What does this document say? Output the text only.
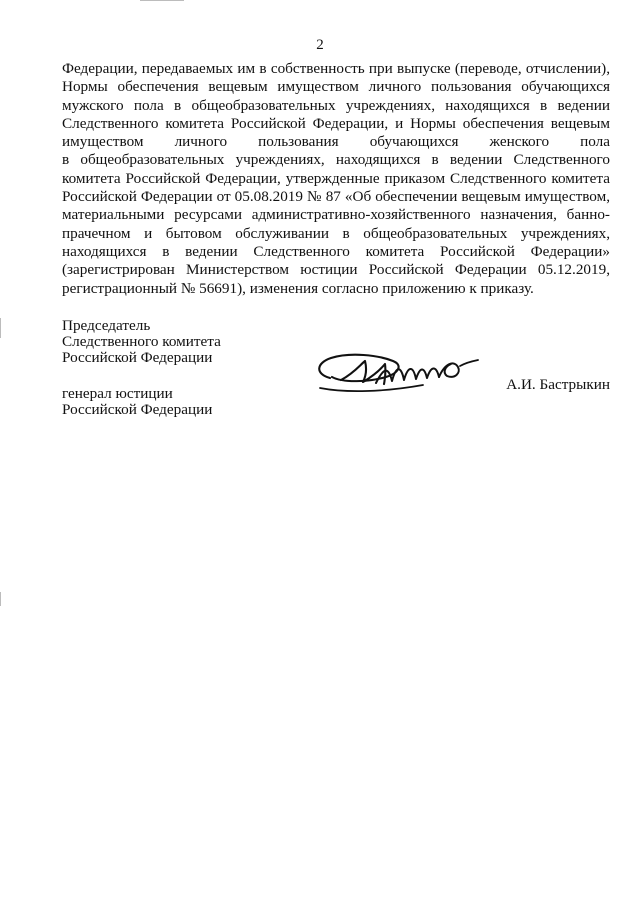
2
Федерации, передаваемых им в собственность при выпуске (переводе, отчислении),
Нормы обеспечения вещевым имуществом личного пользования обучающихся
мужского пола в общеобразовательных учреждениях, находящихся в ведении
Следственного комитета Российской Федерации, и Нормы обеспечения вещевым
имуществом личного пользования обучающихся женского пола
в общеобразовательных учреждениях, находящихся в ведении Следственного
комитета Российской Федерации, утвержденные приказом Следственного комитета
Российской Федерации от 05.08.2019 № 87 «Об обеспечении вещевым имуществом,
материальными ресурсами административно-хозяйственного назначения, банно-
прачечном и бытовом обслуживании в общеобразовательных учреждениях,
находящихся в ведении Следственного комитета Российской Федерации»
(зарегистрирован Министерством юстиции Российской Федерации 05.12.2019,
регистрационный № 56691), изменения согласно приложению к приказу.
Председатель
Следственного комитета
Российской Федерации
генерал юстиции
Российской Федерации
А.И. Бастрыкин
